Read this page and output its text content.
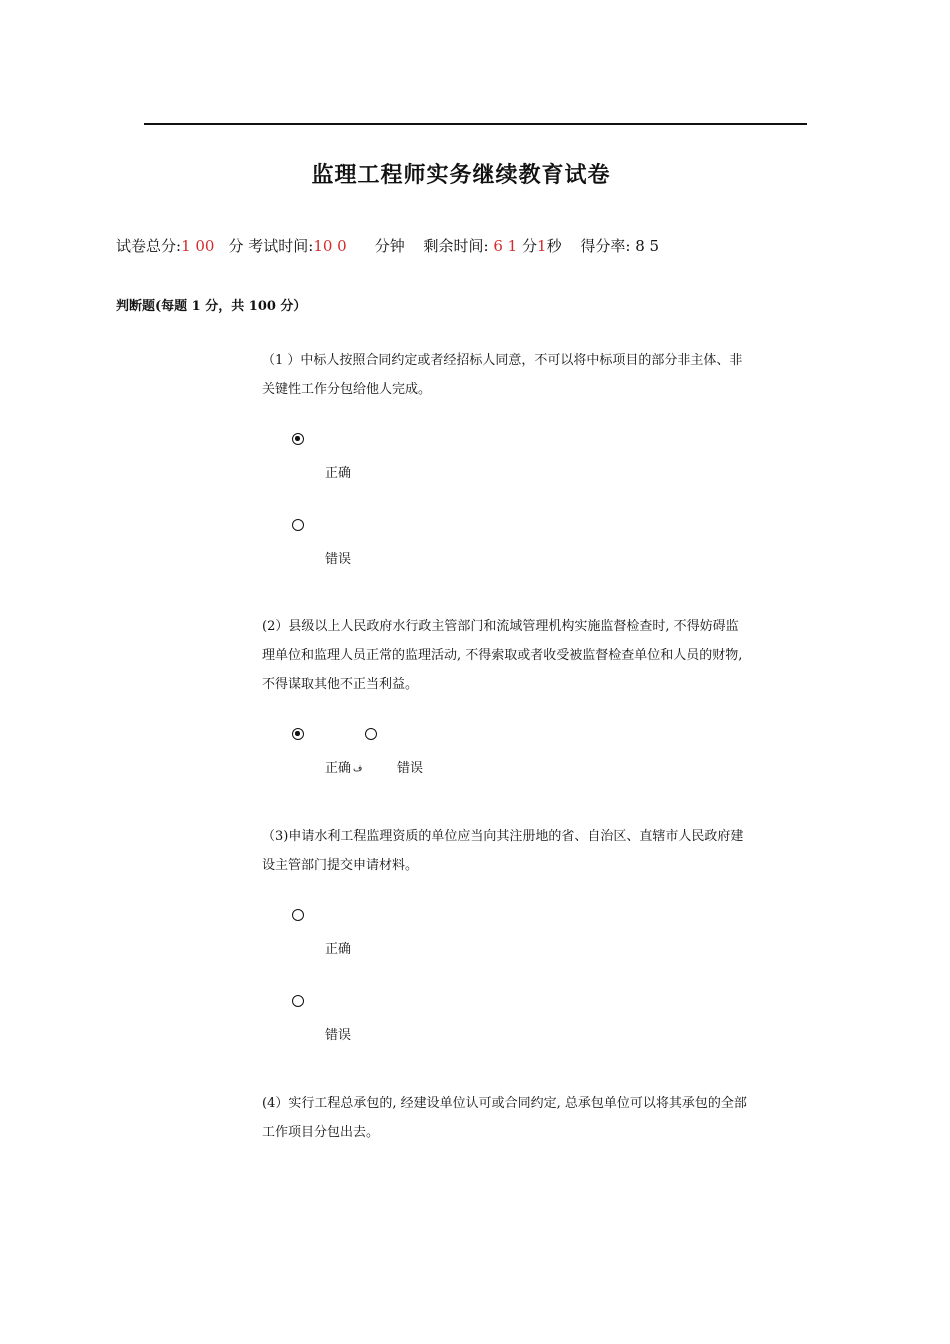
监理工程师实务继续教育试卷
试卷总分:1 00 分 考试时间:10 0 分钟 剩余时间: 6 1 分1秒 得分率: 8 5
判断题(每题 1 分，共 100 分）
（1 ）中标人按照合同约定或者经招标人同意，不可以将中标项目的部分非主体、非关键性工作分包给他人完成。
正确
错误
(2）县级以上人民政府水行政主管部门和流域管理机构实施监督检查时, 不得妨碍监理单位和监理人员正常的监理活动, 不得索取或者收受被监督检查单位和人员的财物, 不得谋取其他不正当利益。
正确 ف	错误
（3)申请水利工程监理资质的单位应当向其注册地的省、自治区、直辖市人民政府建设主管部门提交申请材料。
正确
错误
(4）实行工程总承包的, 经建设单位认可或合同约定, 总承包单位可以将其承包的全部工作项目分包出去。
